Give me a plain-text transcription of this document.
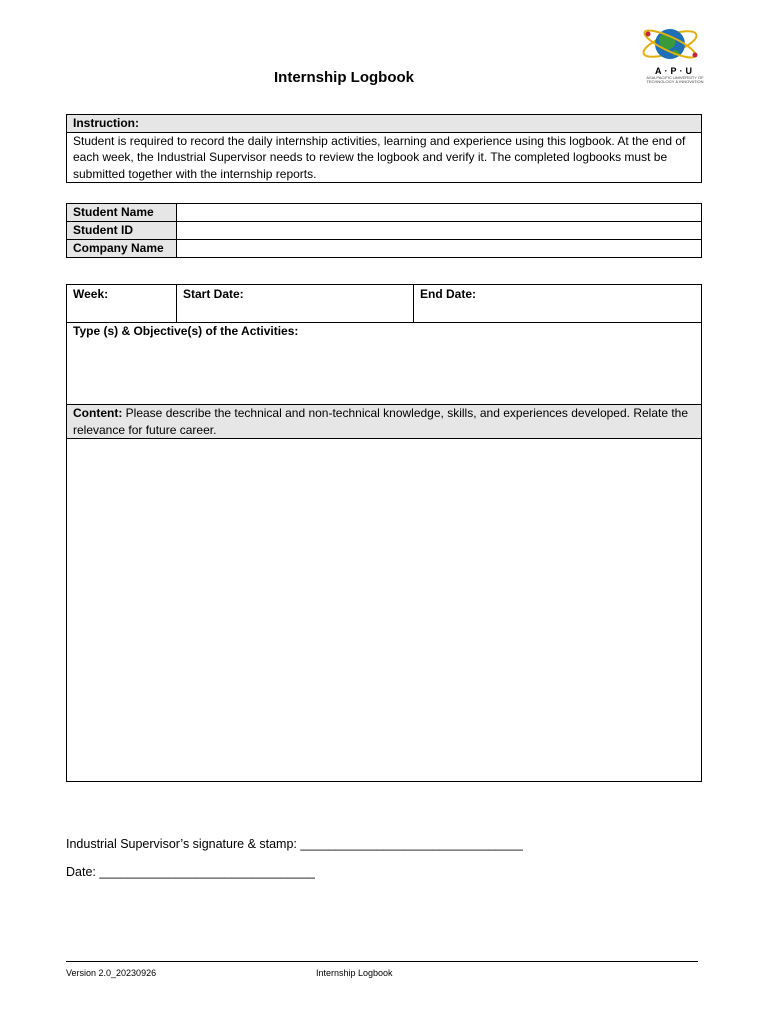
Internship Logbook	A·P·U
ASIA PACIFIC UNIVERSITY OF TECHNOLOGY & INNOVATION
Instruction:
Student is required to record the daily internship activities, learning and experience using this logbook. At the end of each week, the Industrial Supervisor needs to review the logbook and verify it. The completed logbooks must be submitted together with the internship reports.
Student Name	
Student ID	
Company Name	
Week:	Start Date:	End Date:
Type (s) & Objective(s) of the Activities:
Content: Please describe the technical and non-technical knowledge, skills, and experiences developed. Relate the relevance for future career.

Industrial Supervisor’s signature & stamp: ________________________________
Date: _______________________________
Version 2.0_20230926	Internship Logbook
